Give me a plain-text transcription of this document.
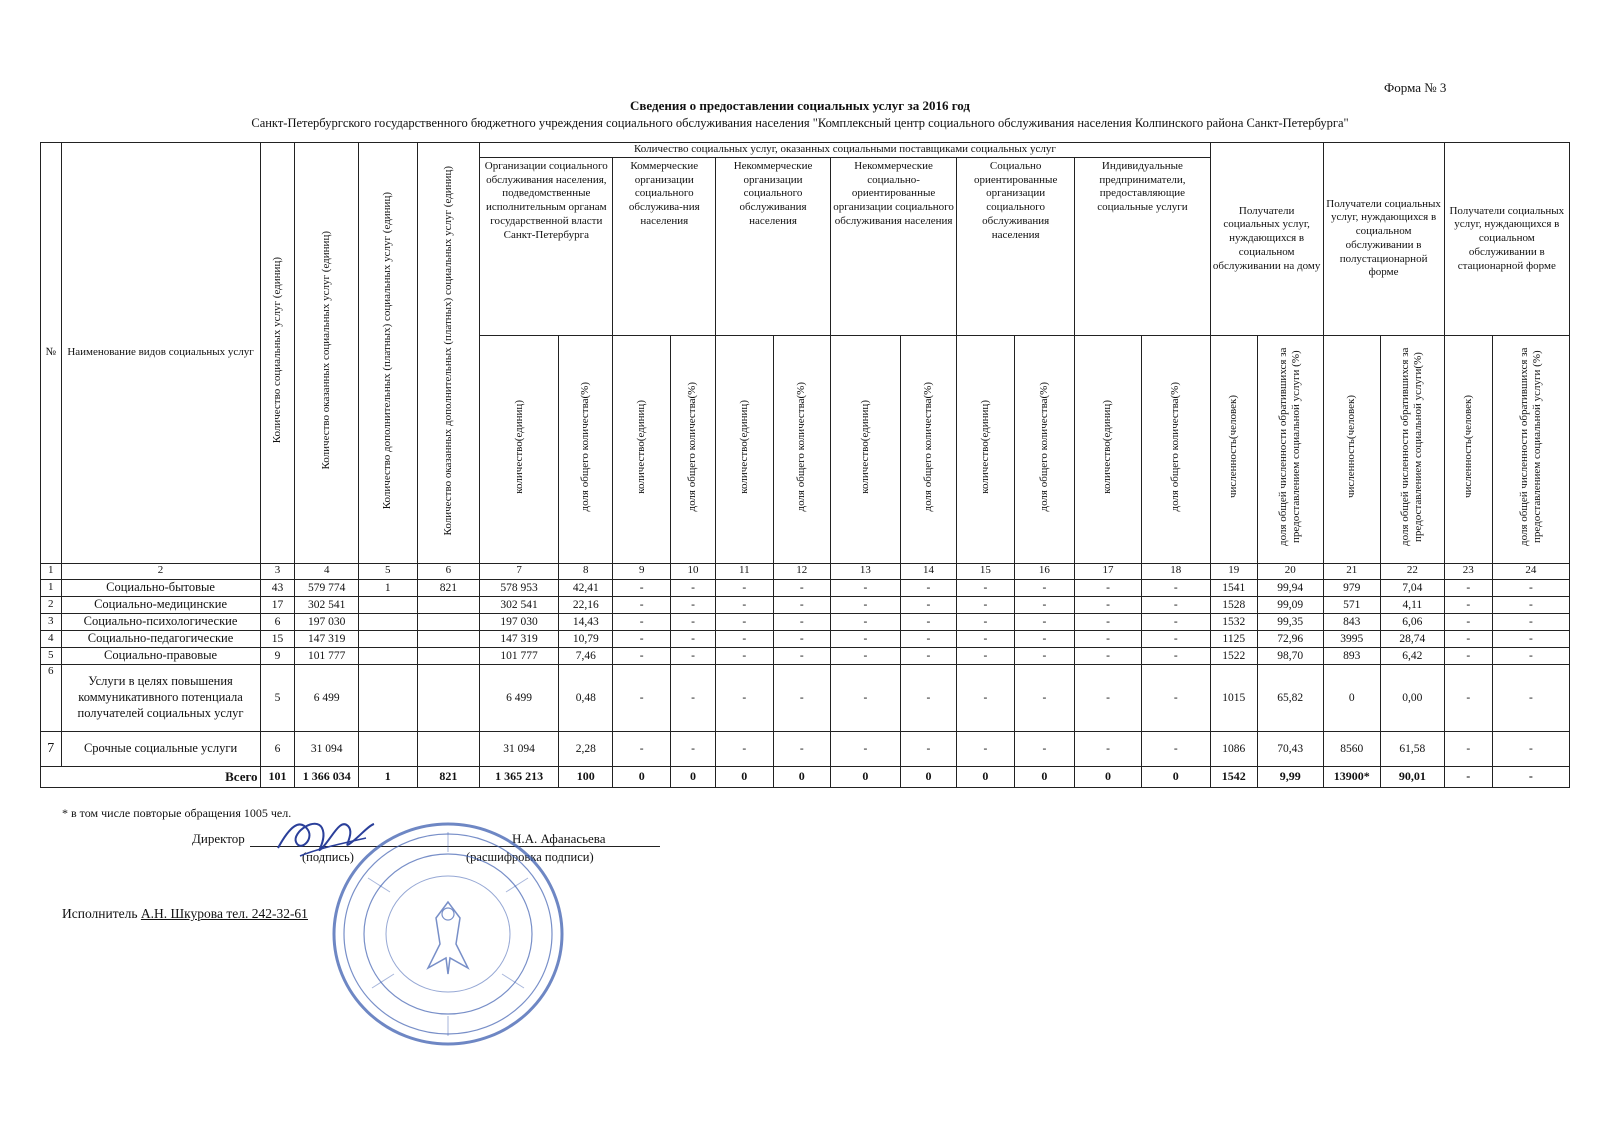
Форма № 3
Сведения о предоставлении социальных услуг за 2016 год
Санкт-Петербургского государственного бюджетного учреждения социального обслуживания населения "Комплексный центр социального обслуживания населения Колпинского района Санкт-Петербурга"
№	Наименование видов социальных услуг	Количество социальных услуг (единиц)	Количество оказанных социальных услуг (единиц)	Количество дополнительных (платных) социальных услуг (единиц)	Количество оказанных дополнительных (платных) социальных услуг (единиц)	Количество социальных услуг, оказанных социальными поставщиками социальных услуг												Получатели социальных услуг, нуждающихся в социальном обслуживании на дому		Получатели социальных услуг, нуждающихся в социальном обслуживании в полустационарной форме		Получатели социальных услуг, нуждающихся в социальном обслуживании в стационарной форме	
						Организации социального обслуживания населения, подведомственные исполнительным органам государственной власти Санкт-Петербурга		Коммерческие организации социального обслужива-ния населения		Некоммерческие организации социального обслуживания населения		Некоммерческие социально-ориентированные организации социального обслуживания населения		Социально ориентированные организации социального обслуживания населения		Индивидуальные предприниматели, предоставляющие социальные услуги							
						количество(единиц)	доля общего количества(%)	количество(единиц)	доля общего количества(%)	количество(единиц)	доля общего количества(%)	количество(единиц)	доля общего количества(%)	количество(единиц)	доля общего количества(%)	количество(единиц)	доля общего количества(%)	численность(человек)	доля общей численности обратившихся за предоставлением социальной услуги (%)	численность(человек)	доля общей численности обратившихся за предоставлением социальной услуги(%)	численность(человек)	доля общей численности обратившихся за предоставлением социальной услуги (%)
1	2	3	4	5	6	7	8	9	10	11	12	13	14	15	16	17	18	19	20	21	22	23	24
1	Социально-бытовые	43	579 774	1	821	578 953	42,41	-	-	-	-	-	-	-	-	-	-	1541	99,94	979	7,04	-	-
2	Социально-медицинские	17	302 541			302 541	22,16	-	-	-	-	-	-	-	-	-	-	1528	99,09	571	4,11	-	-
3	Социально-психологические	6	197 030			197 030	14,43	-	-	-	-	-	-	-	-	-	-	1532	99,35	843	6,06	-	-
4	Социально-педагогические	15	147 319			147 319	10,79	-	-	-	-	-	-	-	-	-	-	1125	72,96	3995	28,74	-	-
5	Социально-правовые	9	101 777			101 777	7,46	-	-	-	-	-	-	-	-	-	-	1522	98,70	893	6,42	-	-
6	Услуги в целях повышения коммуникативного потенциала получателей социальных услуг	5	6 499			6 499	0,48	-	-	-	-	-	-	-	-	-	-	1015	65,82	0	0,00	-	-
7	Срочные социальные услуги	6	31 094			31 094	2,28	-	-	-	-	-	-	-	-	-	-	1086	70,43	8560	61,58	-	-
Всего		101	1 366 034	1	821	1 365 213	100	0	0	0	0	0	0	0	0	0	0	1542	9,99	13900*	90,01	-	-
* в том числе повторые обращения 1005 чел.
Директор	Н.А. Афанасьева
(подпись)	(расшифровка подписи)
Исполнитель А.Н. Шкурова тел. 242-32-61
